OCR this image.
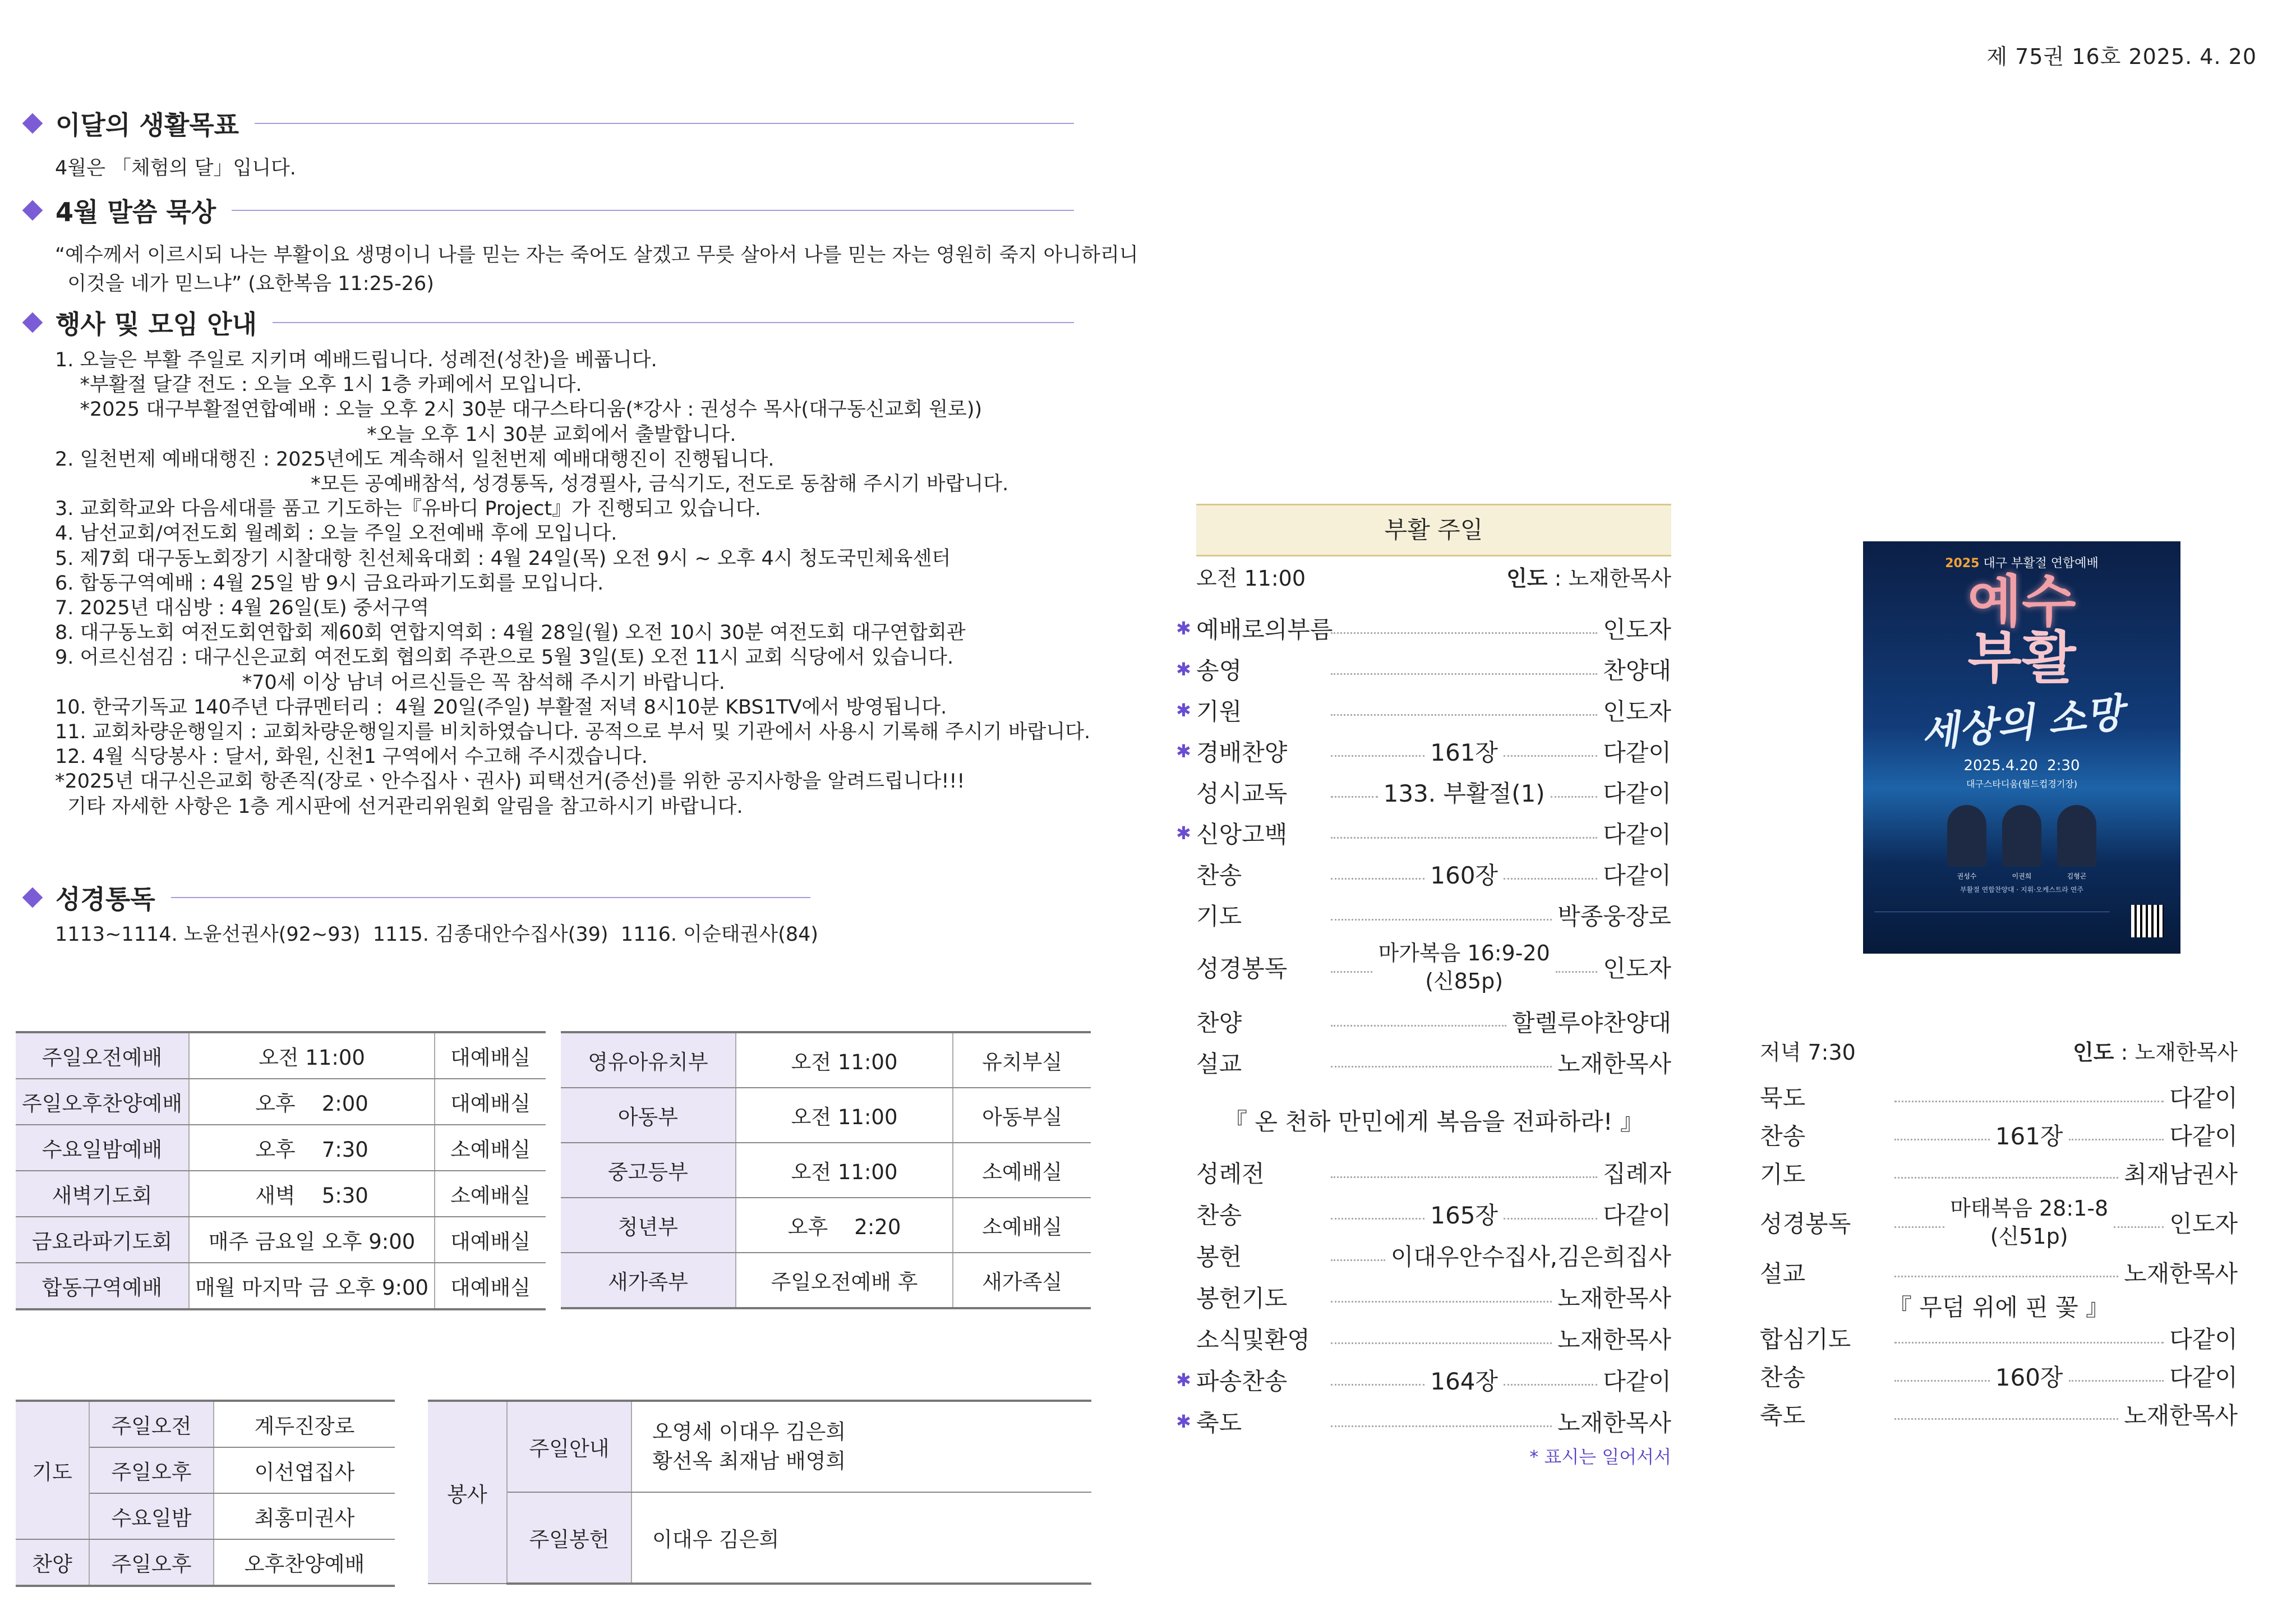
제 75권 16호 2025. 4. 20
이달의 생활목표
4월은 「체험의 달」입니다.
4월 말씀 묵상
“예수께서 이르시되 나는 부활이요 생명이니 나를 믿는 자는 죽어도 살겠고 무릇 살아서 나를 믿는 자는 영원히 죽지 아니하리니
이것을 네가 믿느냐” (요한복음 11:25-26)
행사 및 모임 안내
1. 오늘은 부활 주일로 지키며 예배드립니다. 성례전(성찬)을 베풉니다.
*부활절 달걀 전도 : 오늘 오후 1시 1층 카페에서 모입니다.
*2025 대구부활절연합예배 : 오늘 오후 2시 30분 대구스타디움(*강사 : 권성수 목사(대구동신교회 원로))
*오늘 오후 1시 30분 교회에서 출발합니다.
2. 일천번제 예배대행진 : 2025년에도 계속해서 일천번제 예배대행진이 진행됩니다.
*모든 공예배참석, 성경통독, 성경필사, 금식기도, 전도로 동참해 주시기 바랍니다.
3. 교회학교와 다음세대를 품고 기도하는『유바디 Project』가 진행되고 있습니다.
4. 남선교회/여전도회 월례회 : 오늘 주일 오전예배 후에 모입니다.
5. 제7회 대구동노회장기 시찰대항 친선체육대회 : 4월 24일(목) 오전 9시 ~ 오후 4시 청도국민체육센터
6. 합동구역예배 : 4월 25일 밤 9시 금요라파기도회를 모입니다.
7. 2025년 대심방 : 4월 26일(토) 중서구역
8. 대구동노회 여전도회연합회 제60회 연합지역회 : 4월 28일(월) 오전 10시 30분 여전도회 대구연합회관
9. 어르신섬김 : 대구신은교회 여전도회 협의회 주관으로 5월 3일(토) 오전 11시 교회 식당에서 있습니다.
*70세 이상 남녀 어르신들은 꼭 참석해 주시기 바랍니다.
10. 한국기독교 140주년 다큐멘터리 :  4월 20일(주일) 부활절 저녁 8시10분 KBS1TV에서 방영됩니다.
11. 교회차량운행일지 : 교회차량운행일지를 비치하였습니다. 공적으로 부서 및 기관에서 사용시 기록해 주시기 바랍니다.
12. 4월 식당봉사 : 달서, 화원, 신천1 구역에서 수고해 주시겠습니다.
*2025년 대구신은교회 항존직(장로ㆍ안수집사ㆍ권사) 피택선거(증선)를 위한 공지사항을 알려드립니다!!!
기타 자세한 사항은 1층 게시판에 선거관리위원회 알림을 참고하시기 바랍니다.
성경통독
1113~1114. 노윤선권사(92~93)  1115. 김종대안수집사(39)  1116. 이순태권사(84)
주일오전예배	오전 11:00	대예배실
주일오후찬양예배	오후    2:00	대예배실
수요일밤예배	오후    7:30	소예배실
새벽기도회	새벽    5:30	소예배실
금요라파기도회	매주 금요일 오후 9:00	대예배실
합동구역예배	매월 마지막 금 오후 9:00	대예배실
영유아유치부	오전 11:00	유치부실
아동부	오전 11:00	아동부실
중고등부	오전 11:00	소예배실
청년부	오후    2:20	소예배실
새가족부	주일오전예배 후	새가족실
기도	주일오전	계두진장로
	주일오후	이선엽집사
	수요일밤	최홍미권사
찬양	주일오후	오후찬양예배
봉사	주일안내	오영세 이대우 김은희
황선옥 최재남 배영희

	주일봉헌	이대우 김은희
부활 주일
오전 11:00	인도 : 노재한목사
✱ 예배로의부름	인도자
✱ 송영	찬양대
✱ 기원	인도자
✱ 경배찬양	161장	다같이
성시교독	133. 부활절(1) 다같이
✱ 신앙고백	다같이
찬송	160장	다같이
기도	박종웅장로
성경봉독
마가복음 16:9-20
(신85p)	인도자
찬양	할렐루야찬양대
설교	노재한목사
성례전	집례자
찬송	165장	다같이
봉헌	이대우안수집사,김은희집사
봉헌기도	노재한목사
소식및환영	노재한목사
✱ 파송찬송	164장	다같이
✱ 축도	노재한목사
『 온 천하 만민에게 복음을 전파하라! 』
* 표시는 일어서서
저녁 7:30	인도 : 노재한목사
묵도	다같이
찬송	161장	다같이
기도	최재남권사
성경봉독
마태복음 28:1-8
(신51p)	인도자
설교	노재한목사
합심기도	다같이
찬송	160장	다같이
축도	노재한목사
『 무덤 위에 핀 꽃 』
2025 대구 부활절 연합예배
예수
부활
세상의 소망
2025.4.20 2:30
대구스타디움(월드컵경기장)
권성수	이권희	김형곤
부활절 연합찬양대 · 지휘·오케스트라 연주
